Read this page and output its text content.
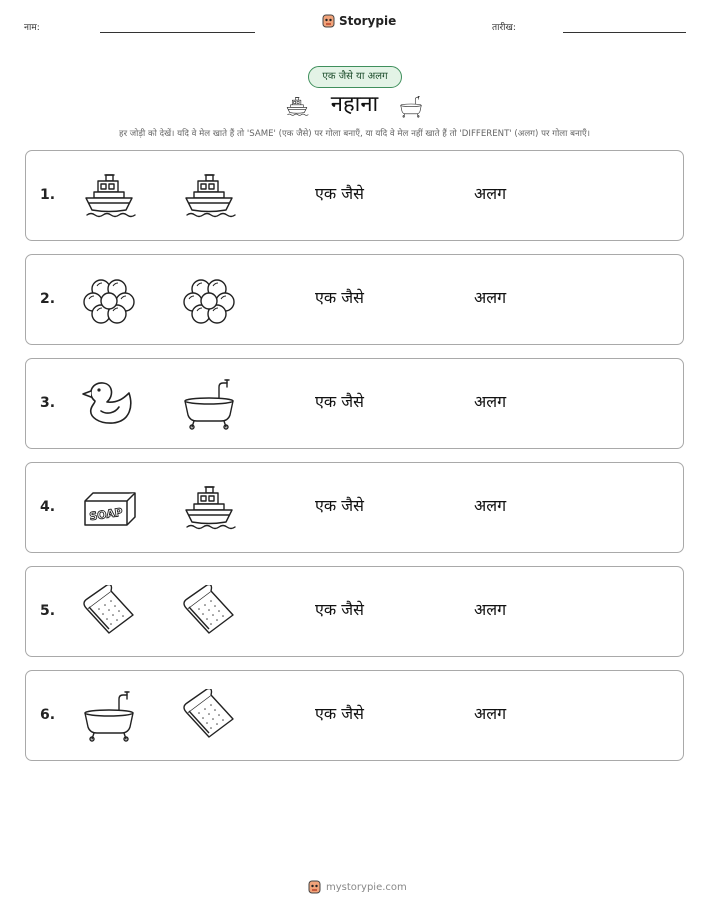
नाम:	Storypie	तारीख:
एक जैसे या अलग
नहाना
हर जोड़ी को देखें। यदि वे मेल खाते हैं तो 'SAME' (एक जैसे) पर गोला बनाएँ, या यदि वे मेल नहीं खाते हैं तो 'DIFFERENT' (अलग) पर गोला बनाएँ।
1.	एक जैसे	अलग
2.	एक जैसे	अलग
3.	एक जैसे	अलग
4.	एक जैसे	अलग
5.	एक जैसे	अलग
6.	एक जैसे	अलग
mystorypie.com
